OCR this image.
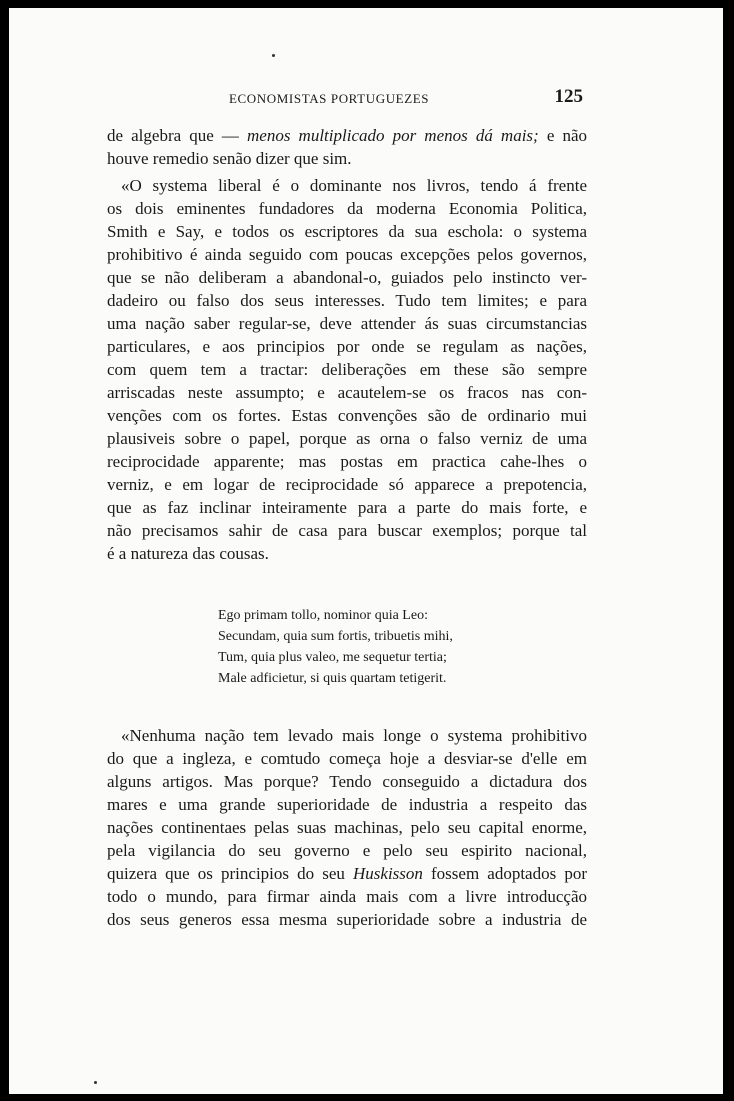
ECONOMISTAS PORTUGUEZES	125
de algebra que — menos multiplicado por menos dá mais; e não
houve remedio senão dizer que sim.
«O systema liberal é o dominante nos livros, tendo á frente
os dois eminentes fundadores da moderna Economia Politica,
Smith e Say, e todos os escriptores da sua eschola: o systema
prohibitivo é ainda seguido com poucas excepções pelos governos,
que se não deliberam a abandonal-o, guiados pelo instincto ver-
dadeiro ou falso dos seus interesses. Tudo tem limites; e para
uma nação saber regular-se, deve attender ás suas circumstancias
particulares, e aos principios por onde se regulam as nações,
com quem tem a tractar: deliberações em these são sempre
arriscadas neste assumpto; e acautelem-se os fracos nas con-
venções com os fortes. Estas convenções são de ordinario mui
plausiveis sobre o papel, porque as orna o falso verniz de uma
reciprocidade apparente; mas postas em practica cahe-lhes o
verniz, e em logar de reciprocidade só apparece a prepotencia,
que as faz inclinar inteiramente para a parte do mais forte, e
não precisamos sahir de casa para buscar exemplos; porque tal
é a natureza das cousas.
Ego primam tollo, nominor quia Leo:
Secundam, quia sum fortis, tribuetis mihi,
Tum, quia plus valeo, me sequetur tertia;
Male adficietur, si quis quartam tetigerit.
«Nenhuma nação tem levado mais longe o systema prohibitivo
do que a ingleza, e comtudo começa hoje a desviar-se d'elle em
alguns artigos. Mas porque? Tendo conseguido a dictadura dos
mares e uma grande superioridade de industria a respeito das
nações continentaes pelas suas machinas, pelo seu capital enorme,
pela vigilancia do seu governo e pelo seu espirito nacional,
quizera que os principios do seu Huskisson fossem adoptados por
todo o mundo, para firmar ainda mais com a livre introducção
dos seus generos essa mesma superioridade sobre a industria de
